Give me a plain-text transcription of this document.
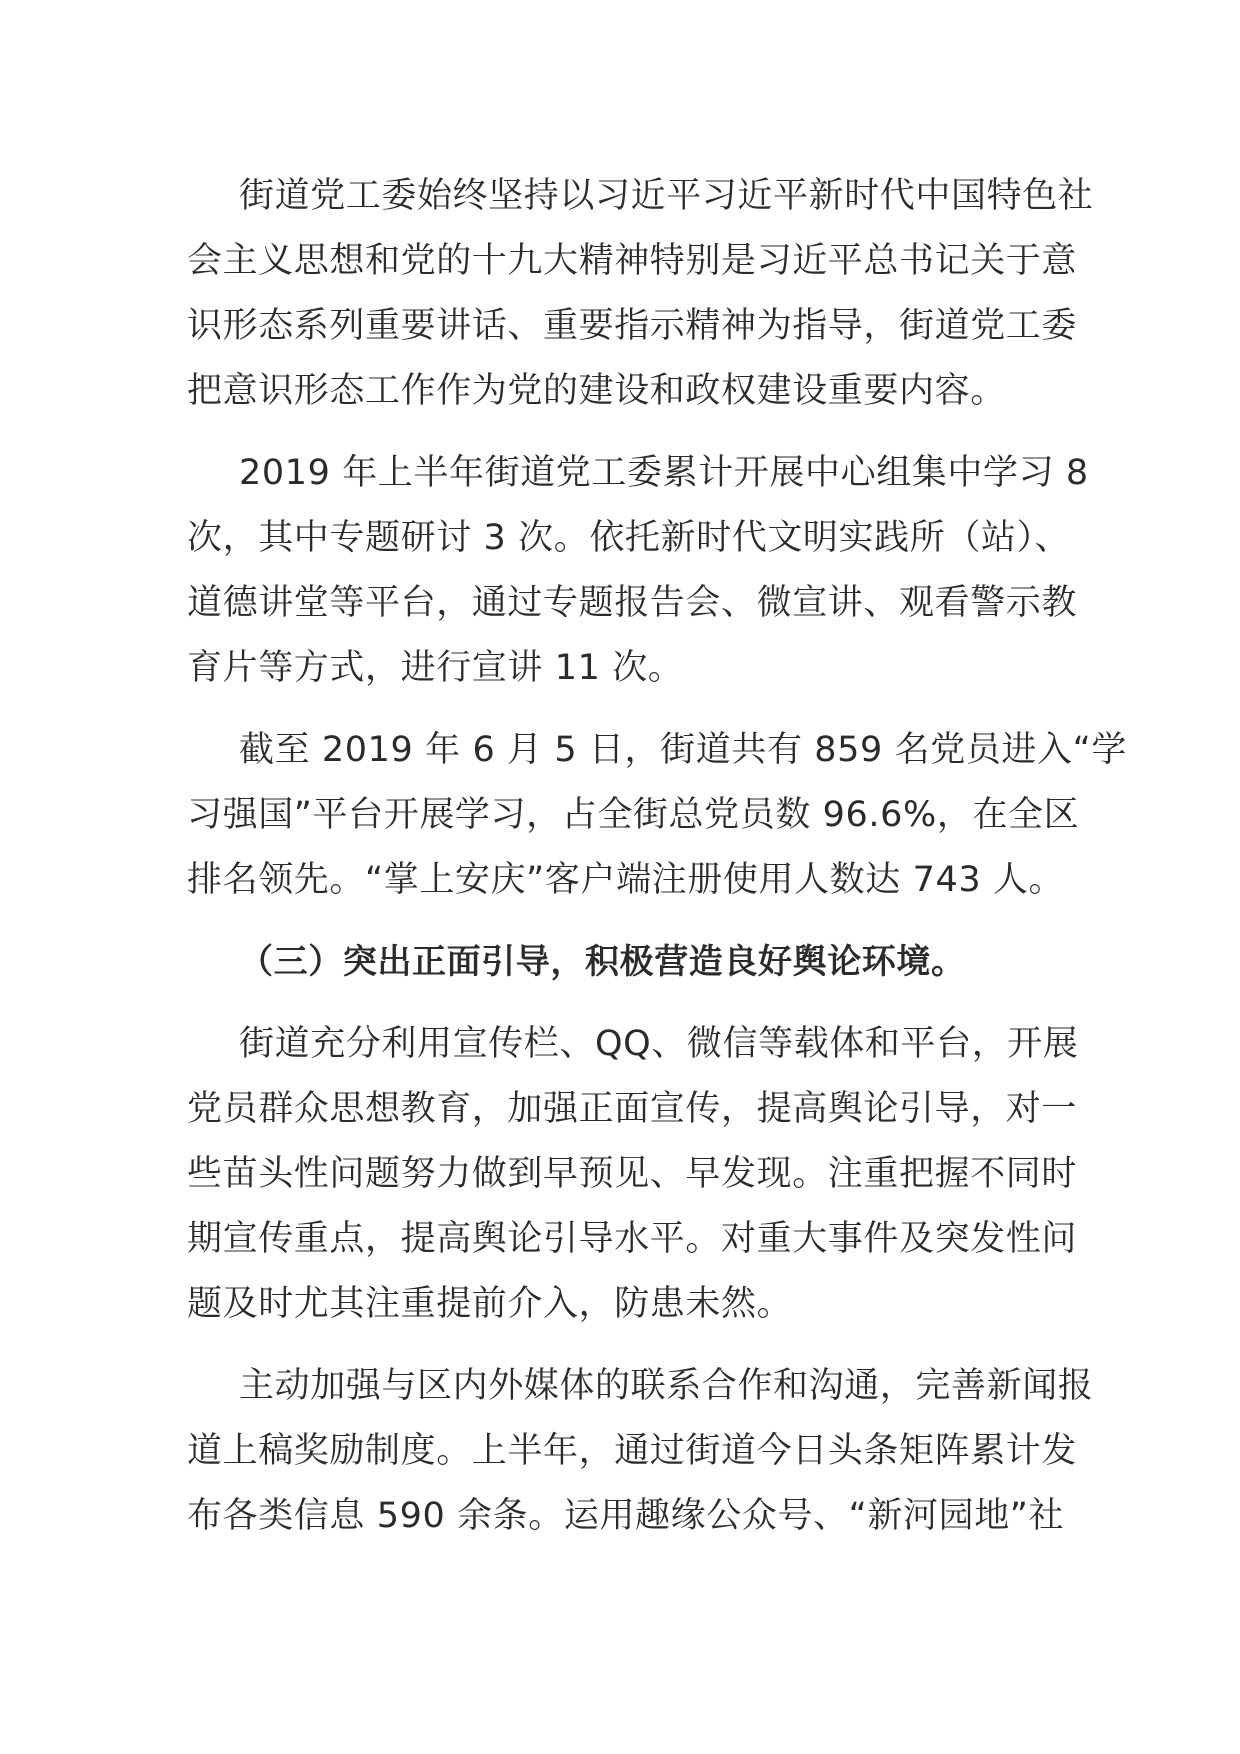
街道党工委始终坚持以习近平习近平新时代中国特色社
会主义思想和党的十九大精神特别是习近平总书记关于意
识形态系列重要讲话、重要指示精神为指导，街道党工委
把意识形态工作作为党的建设和政权建设重要内容。

2019 年上半年街道党工委累计开展中心组集中学习 8
次，其中专题研讨 3 次。依托新时代文明实践所（站）、
道德讲堂等平台，通过专题报告会、微宣讲、观看警示教
育片等方式，进行宣讲 11 次。

截至 2019 年 6 月 5 日，街道共有 859 名党员进入“学
习强国”平台开展学习，占全街总党员数 96.6%，在全区
排名领先。“掌上安庆”客户端注册使用人数达 743 人。

（三）突出正面引导，积极营造良好舆论环境。

街道充分利用宣传栏、QQ、微信等载体和平台，开展
党员群众思想教育，加强正面宣传，提高舆论引导，对一
些苗头性问题努力做到早预见、早发现。注重把握不同时
期宣传重点，提高舆论引导水平。对重大事件及突发性问
题及时尤其注重提前介入，防患未然。

主动加强与区内外媒体的联系合作和沟通，完善新闻报
道上稿奖励制度。上半年，通过街道今日头条矩阵累计发
布各类信息 590 余条。运用趣缘公众号、“新河园地”社
